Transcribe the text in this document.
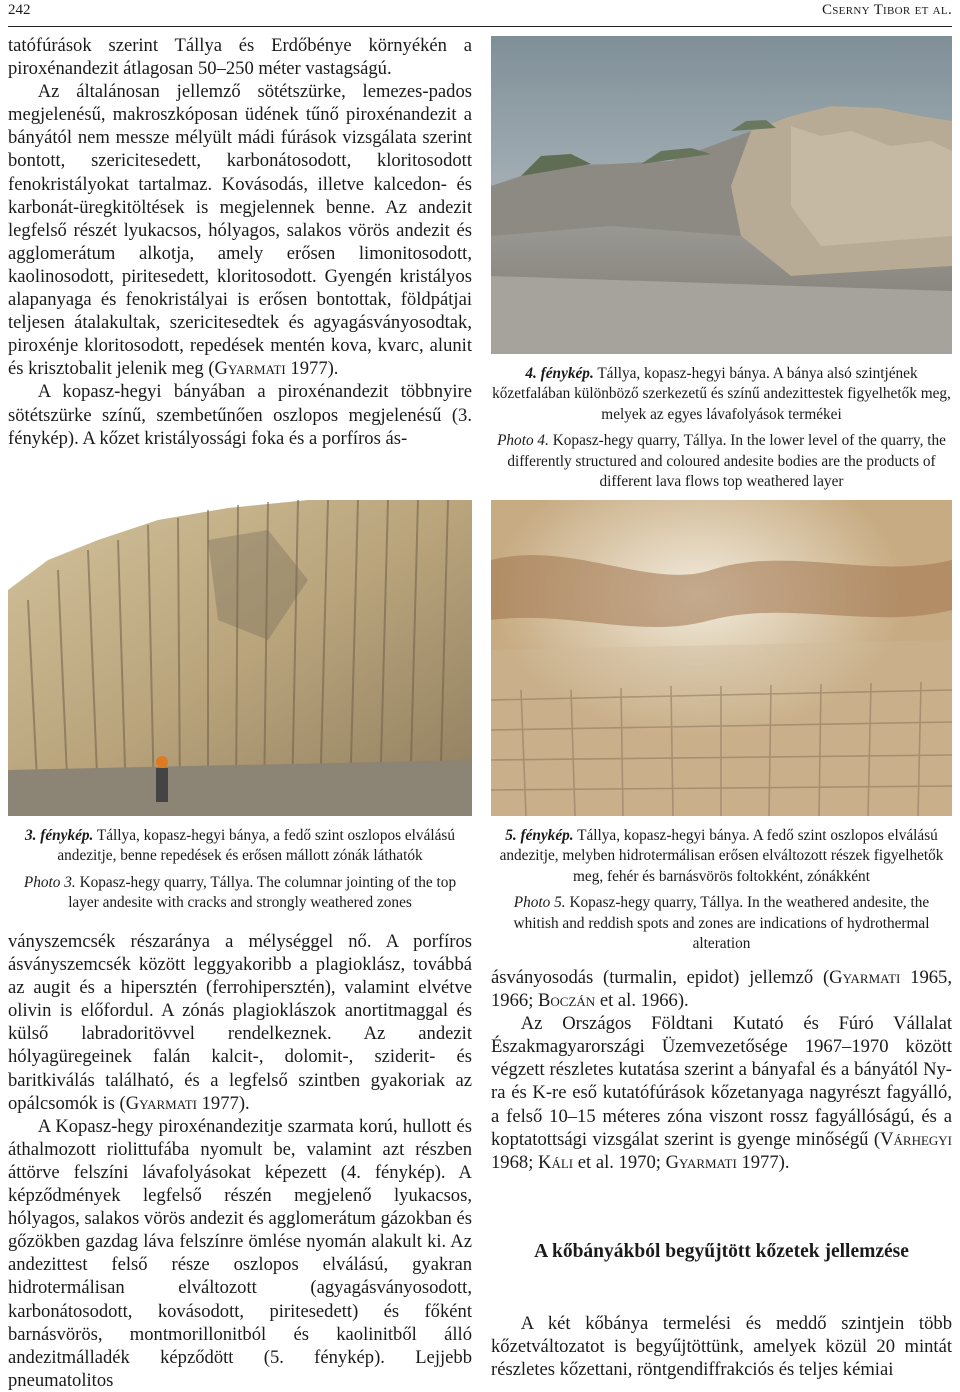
242	Cserny Tibor et al.

tatófúrások szerint Tállya és Erdőbénye környékén a piroxénandezit átlagosan 50–250 méter vastagságú.

Az általánosan jellemző sötétszürke, lemezes-pados megjelenésű, makroszkóposan üdének tűnő piroxénandezit a bányától nem messze mélyült mádi fúrások vizsgálata szerint bontott, szericitesedett, karbonátosodott, kloritosodott fenokristályokat tartalmaz. Kovásodás, illetve kalcedon- és karbonát-üregkitöltések is megjelennek benne. Az andezit legfelső részét lyukacsos, hólyagos, salakos vörös andezit és agglomerátum alkotja, amely erősen limonitosodott, kaolinosodott, piritesedett, kloritosodott. Gyengén kristályos alapanyaga és fenokristályai is erősen bontottak, földpátjai teljesen átalakultak, szericitesedtek és agyagásványosodtak, piroxénje kloritosodott, repedések mentén kova, kvarc, alunit és krisztobalit jelenik meg (Gyarmati 1977).

A kopasz-hegyi bányában a piroxénandezit többnyire sötétszürke színű, szembetűnően oszlopos megjelenésű (3. fénykép). A kőzet kristályossági foka és a porfíros ás-

4. fénykép. Tállya, kopasz-hegyi bánya. A bánya alsó szintjének kőzetfalában különböző szerkezetű és színű andezittestek figyelhetők meg, melyek az egyes lávafolyások termékei

Photo 4. Kopasz-hegy quarry, Tállya. In the lower level of the quarry, the differently structured and coloured andesite bodies are the products of different lava flows top weathered layer

3. fénykép. Tállya, kopasz-hegyi bánya, a fedő szint oszlopos elválású andezitje, benne repedések és erősen mállott zónák láthatók

Photo 3. Kopasz-hegy quarry, Tállya. The columnar jointing of the top layer andesite with cracks and strongly weathered zones

5. fénykép. Tállya, kopasz-hegyi bánya. A fedő szint oszlopos elválású andezitje, melyben hidrotermálisan erősen elváltozott részek figyelhetők meg, fehér és barnásvörös foltokként, zónákként

Photo 5. Kopasz-hegy quarry, Tállya. In the weathered andesite, the whitish and reddish spots and zones are indications of hydrothermal alteration

ványszemcsék részaránya a mélységgel nő. A porfíros ásványszemcsék között leggyakoribb a plagioklász, továbbá az augit és a hipersztén (ferrohipersztén), valamint elvétve olivin is előfordul. A zónás plagioklászok anortitmaggal és külső labradoritövvel rendelkeznek. Az andezit hólyagüregeinek falán kalcit-, dolomit-, sziderit- és baritkiválás található, és a legfelső szintben gyakoriak az opálcsomók is (Gyarmati 1977).

A Kopasz-hegy piroxénandezitje szarmata korú, hullott és áthalmozott riolittufába nyomult be, valamint azt részben áttörve felszíni lávafolyásokat képezett (4. fénykép). A képződmények legfelső részén megjelenő lyukacsos, hólyagos, salakos vörös andezit és agglomerátum gázokban és gőzökben gazdag láva felszínre ömlése nyomán alakult ki. Az andezittest felső része oszlopos elválású, gyakran hidrotermálisan elváltozott (agyagásványosodott, karbonátosodott, kovásodott, piritesedett) és főként barnásvörös, montmorillonitból és kaolinitből álló andezitmálladék képződött (5. fénykép). Lejjebb pneumatolitos

ásványosodás (turmalin, epidot) jellemző (Gyarmati 1965, 1966; Boczán et al. 1966).

Az Országos Földtani Kutató és Fúró Vállalat Északmagyarországi Üzemvezetősége 1967–1970 között végzett részletes kutatása szerint a bányafal és a bányától Ny-ra és K-re eső kutatófúrások kőzetanyaga nagyrészt fagyálló, a felső 10–15 méteres zóna viszont rossz fagyállóságú, és a koptatottsági vizsgálat szerint is gyenge minőségű (Várhegyi 1968; Káli et al. 1970; Gyarmati 1977).

A kőbányákból begyűjtött kőzetek jellemzése

A két kőbánya termelési és meddő szintjein több kőzetváltozatot is begyűjtöttünk, amelyek közül 20 mintát részletes kőzettani, röntgendiffrakciós és teljes kémiai
